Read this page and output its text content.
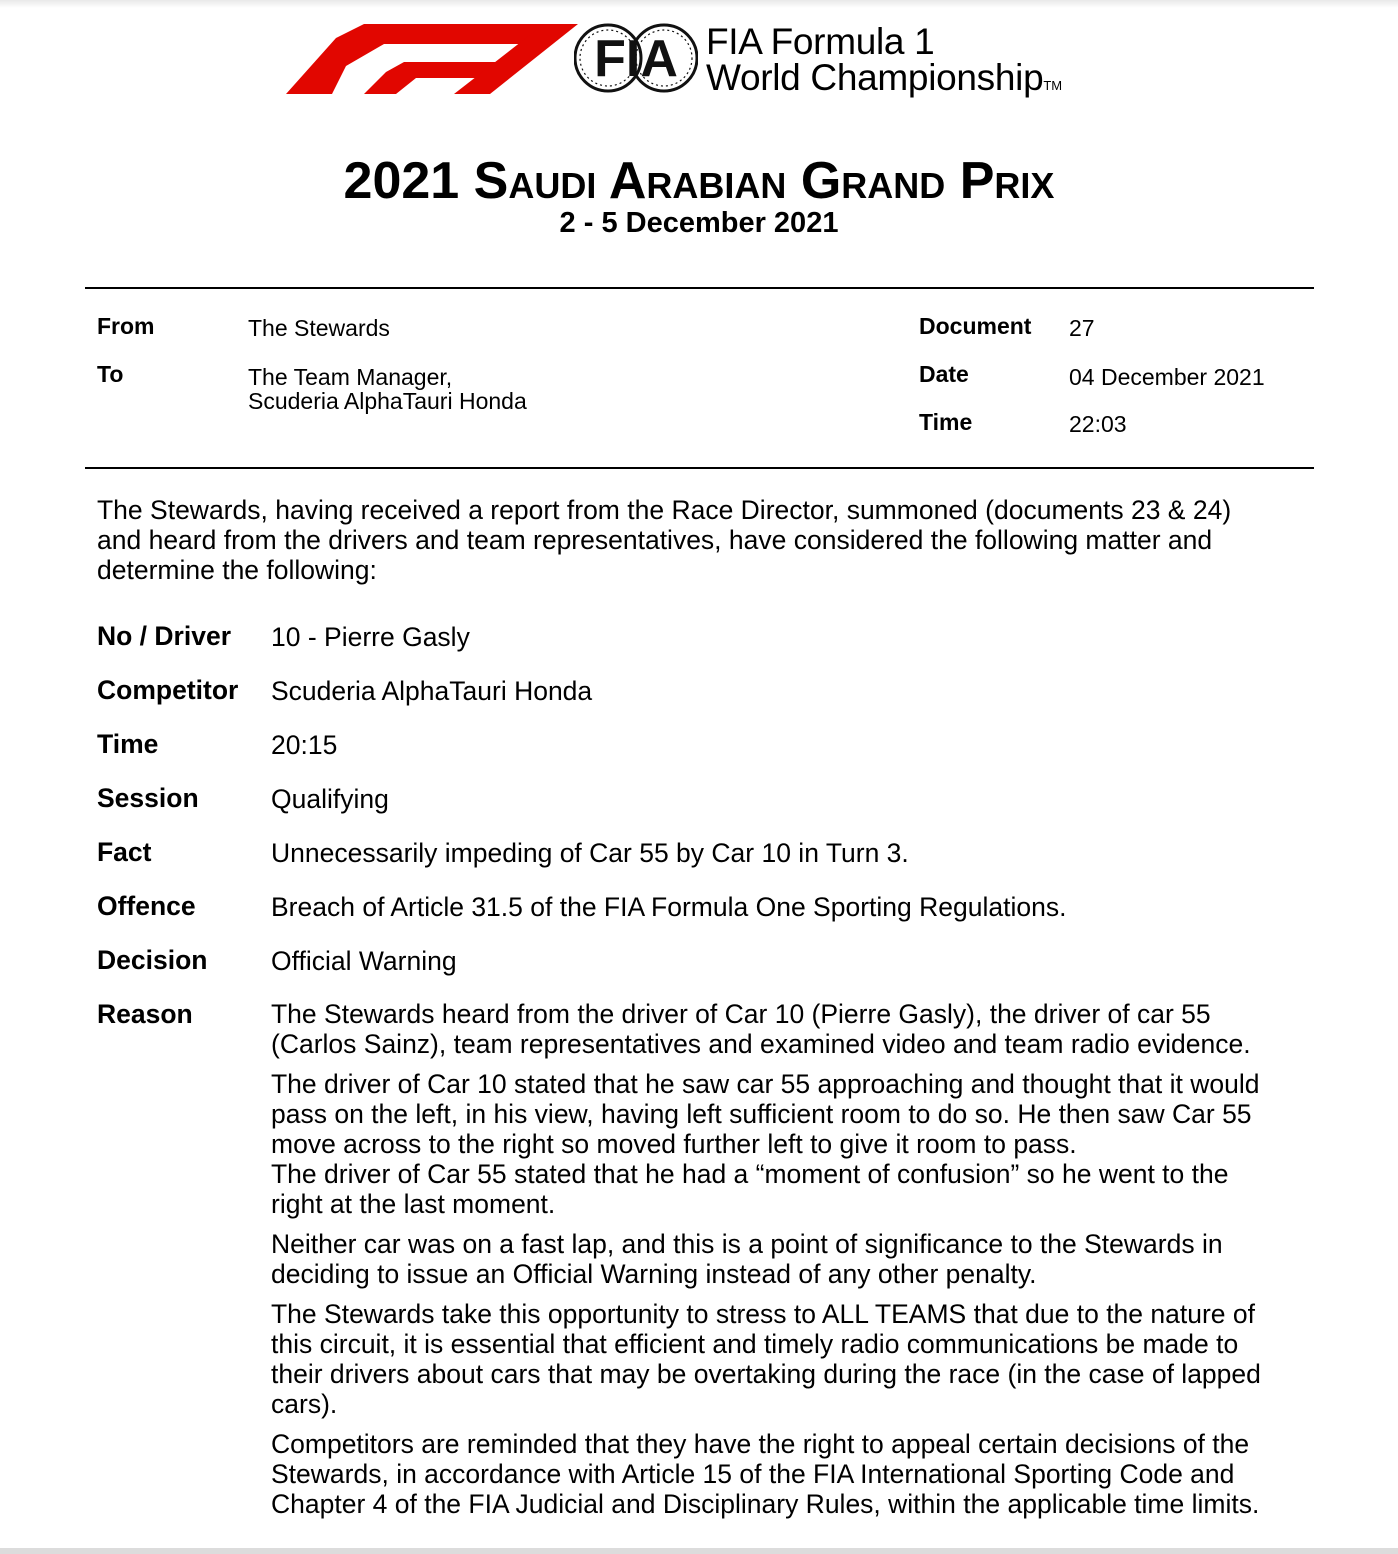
FIA FIA Formula 1
World ChampionshipTM
2021 Saudi Arabian Grand Prix
2 - 5 December 2021
From	The Stewards
To	The Team Manager,
Scuderia AlphaTauri Honda
Document 27
Date	04 December 2021
Time	22:03
The Stewards, having received a report from the Race Director, summoned (documents 23 & 24)
and heard from the drivers and team representatives, have considered the following matter and
determine the following:
No / Driver 10 - Pierre Gasly
Competitor Scuderia AlphaTauri Honda
Time	20:15
Session	Qualifying
Fact	Unnecessarily impeding of Car 55 by Car 10 in Turn 3.
Offence	Breach of Article 31.5 of the FIA Formula One Sporting Regulations.
Decision Official Warning
Reason	The Stewards heard from the driver of Car 10 (Pierre Gasly), the driver of car 55
(Carlos Sainz), team representatives and examined video and team radio evidence.

The driver of Car 10 stated that he saw car 55 approaching and thought that it would
pass on the left, in his view, having left sufficient room to do so. He then saw Car 55
move across to the right so moved further left to give it room to pass.
The driver of Car 55 stated that he had a “moment of confusion” so he went to the
right at the last moment.

Neither car was on a fast lap, and this is a point of significance to the Stewards in
deciding to issue an Official Warning instead of any other penalty.

The Stewards take this opportunity to stress to ALL TEAMS that due to the nature of
this circuit, it is essential that efficient and timely radio communications be made to
their drivers about cars that may be overtaking during the race (in the case of lapped
cars).

Competitors are reminded that they have the right to appeal certain decisions of the
Stewards, in accordance with Article 15 of the FIA International Sporting Code and
Chapter 4 of the FIA Judicial and Disciplinary Rules, within the applicable time limits.
